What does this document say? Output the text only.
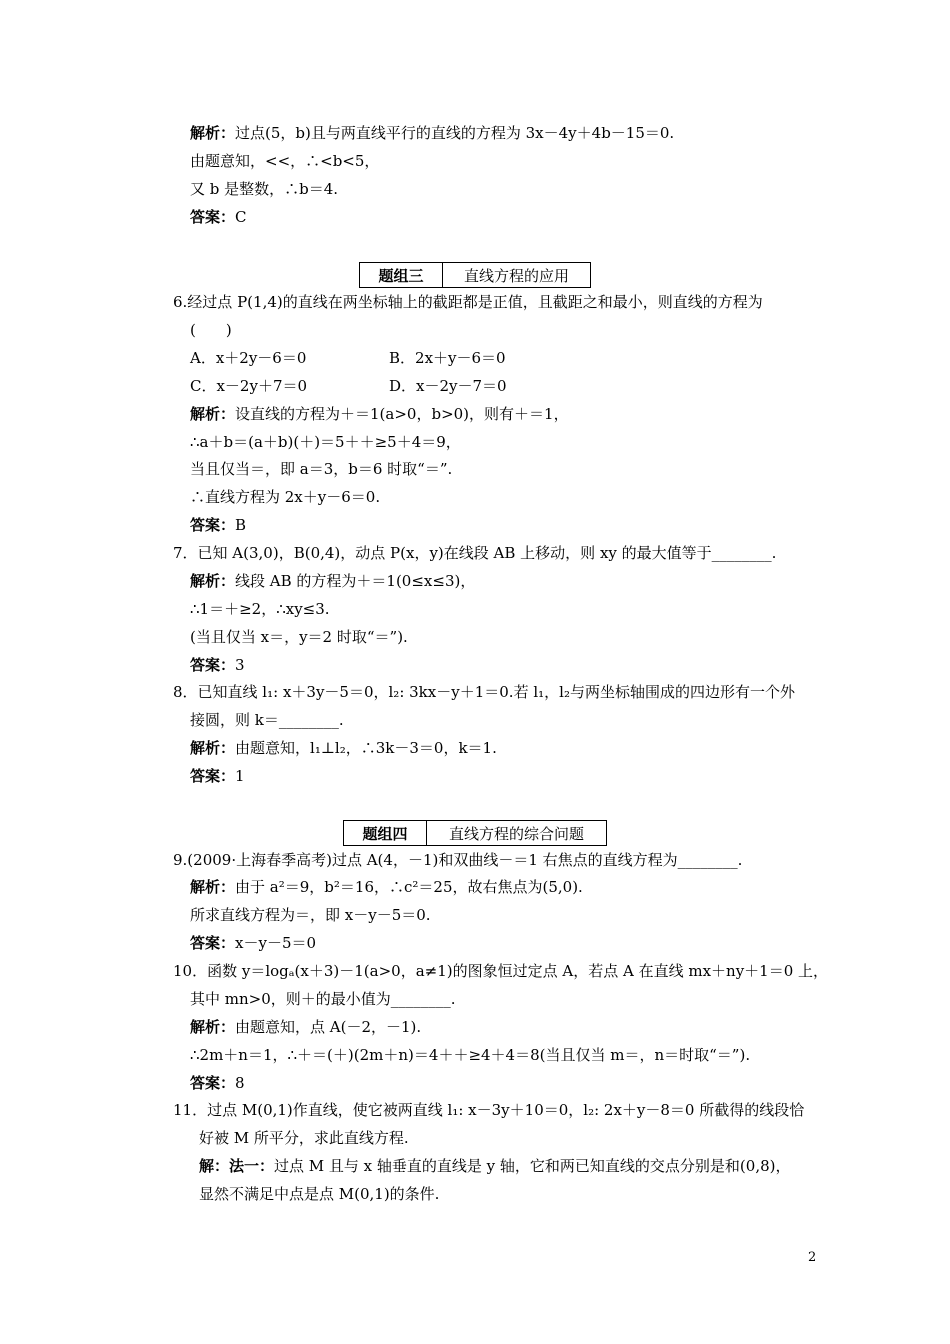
解析：过点(5，b)且与两直线平行的直线的方程为 3x－4y＋4b－15＝0.
由题意知，<<，∴<b<5，
又 b 是整数，∴b＝4.
答案：C
题组三	直线方程的应用
6.经过点 P(1,4)的直线在两坐标轴上的截距都是正值，且截距之和最小，则直线的方程为
(　　)
A．x＋2y－6＝0	B．2x＋y－6＝0
C．x－2y＋7＝0	D．x－2y－7＝0
解析：设直线的方程为＋＝1(a>0，b>0)，则有＋＝1，
∴a＋b＝(a＋b)(＋)＝5＋＋≥5＋4＝9，
当且仅当＝，即 a＝3，b＝6 时取“＝”.
∴直线方程为 2x＋y－6＝0.
答案：B
7．已知 A(3,0)，B(0,4)，动点 P(x，y)在线段 AB 上移动，则 xy 的最大值等于________.
解析：线段 AB 的方程为＋＝1(0≤x≤3)，
∴1＝＋≥2，∴xy≤3.
(当且仅当 x＝，y＝2 时取“＝”).
答案：3
8．已知直线 l₁: x＋3y－5＝0，l₂: 3kx－y＋1＝0.若 l₁，l₂与两坐标轴围成的四边形有一个外
接圆，则 k＝________.
解析：由题意知，l₁⊥l₂，∴3k－3＝0，k＝1.
答案：1
题组四	直线方程的综合问题
9.(2009·上海春季高考)过点 A(4，－1)和双曲线－＝1 右焦点的直线方程为________.
解析：由于 a²＝9，b²＝16，∴c²＝25，故右焦点为(5,0).
所求直线方程为＝，即 x－y－5＝0.
答案：x－y－5＝0
10．函数 y＝logₐ(x＋3)－1(a>0，a≠1)的图象恒过定点 A，若点 A 在直线 mx＋ny＋1＝0 上，
其中 mn>0，则＋的最小值为________.
解析：由题意知，点 A(－2，－1).
∴2m＋n＝1，∴＋＝(＋)(2m＋n)＝4＋＋≥4＋4＝8(当且仅当 m＝，n＝时取“＝”).
答案：8
11．过点 M(0,1)作直线，使它被两直线 l₁: x－3y＋10＝0，l₂: 2x＋y－8＝0 所截得的线段恰
好被 M 所平分，求此直线方程.
解：法一：过点 M 且与 x 轴垂直的直线是 y 轴，它和两已知直线的交点分别是和(0,8)，
显然不满足中点是点 M(0,1)的条件.
2
